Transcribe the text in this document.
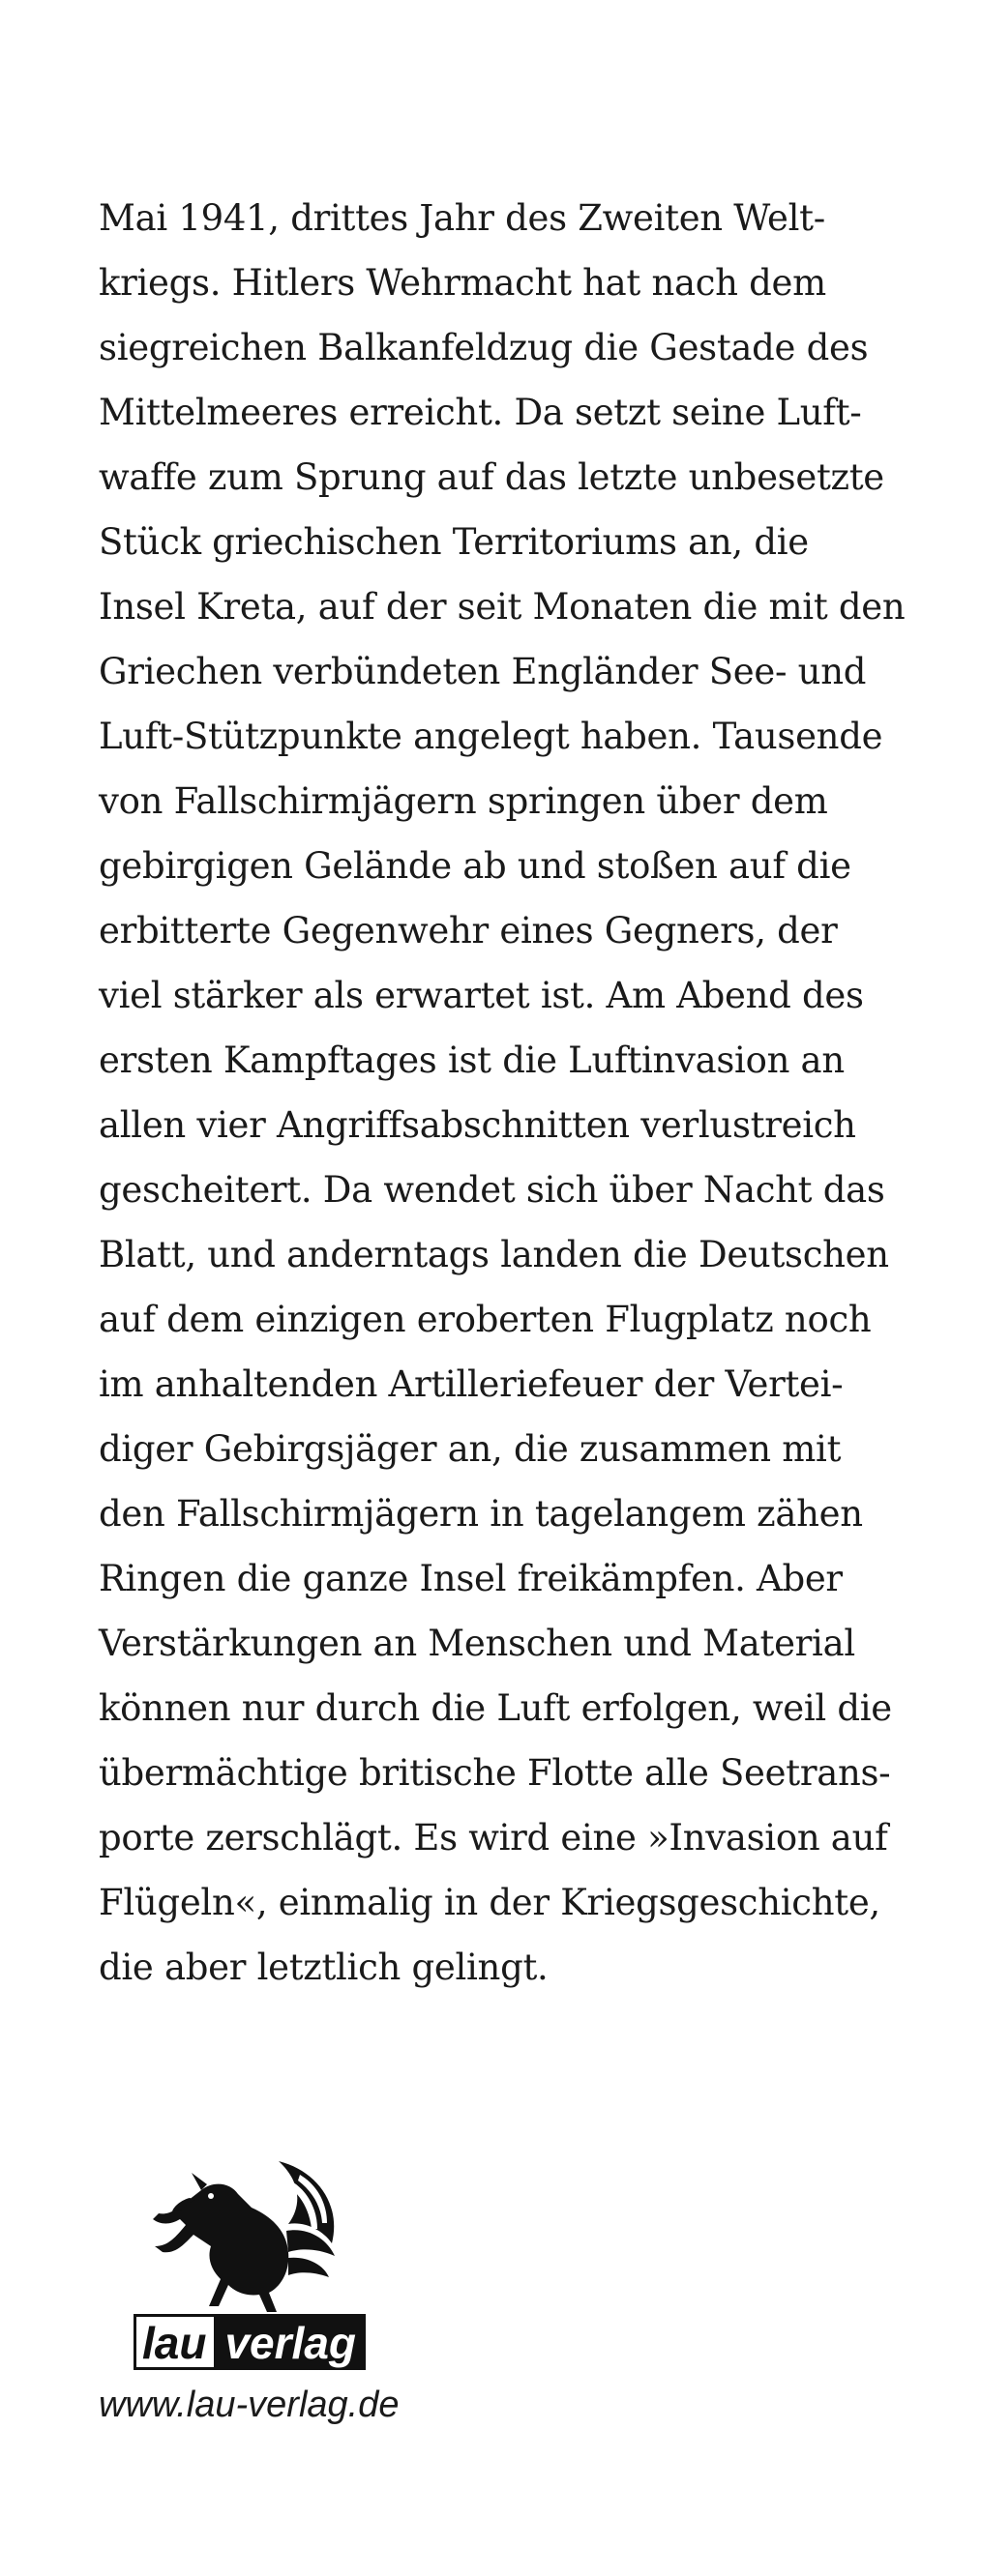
Mai 1941, drittes Jahr des Zweiten Welt-
kriegs. Hitlers Wehrmacht hat nach dem
siegreichen Balkanfeldzug die Gestade des
Mittelmeeres erreicht. Da setzt seine Luft-
waffe zum Sprung auf das letzte unbesetzte
Stück griechischen Territoriums an, die
Insel Kreta, auf der seit Monaten die mit den
Griechen verbündeten Engländer See- und
Luft-Stützpunkte angelegt haben. Tausende
von Fallschirmjägern springen über dem
gebirgigen Gelände ab und stoßen auf die
erbitterte Gegenwehr eines Gegners, der
viel stärker als erwartet ist. Am Abend des
ersten Kampftages ist die Luftinvasion an
allen vier Angriffsabschnitten verlustreich
gescheitert. Da wendet sich über Nacht das
Blatt, und anderntags landen die Deutschen
auf dem einzigen eroberten Flugplatz noch
im anhaltenden Artilleriefeuer der Vertei-
diger Gebirgsjäger an, die zusammen mit
den Fallschirmjägern in tagelangem zähen
Ringen die ganze Insel freikämpfen. Aber
Verstärkungen an Menschen und Material
können nur durch die Luft erfolgen, weil die
übermächtige britische Flotte alle Seetrans-
porte zerschlägt. Es wird eine »Invasion auf
Flügeln«, einmalig in der Kriegsgeschichte,
die aber letztlich gelingt.
lau verlag
www.lau-verlag.de
